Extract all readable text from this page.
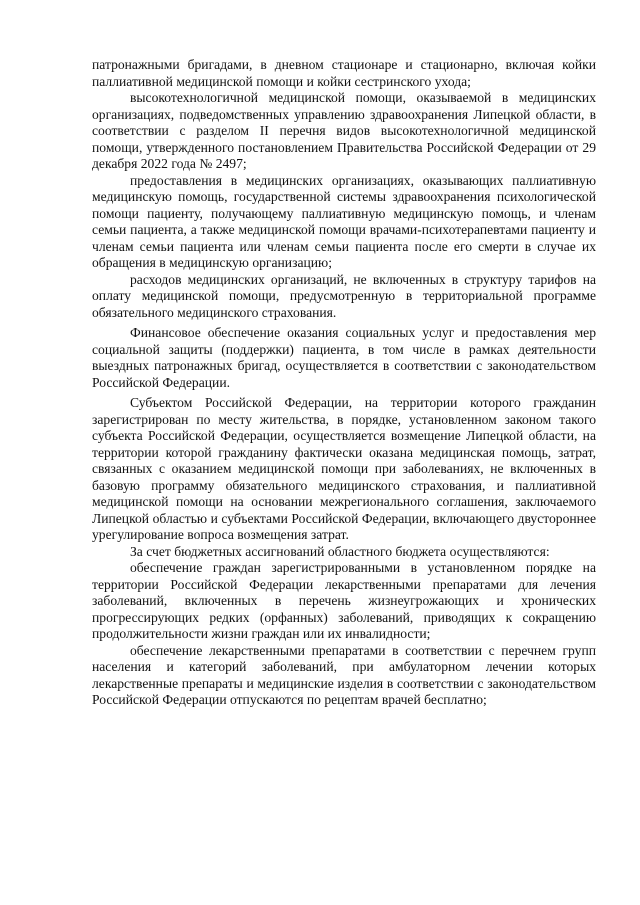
патронажными бригадами, в дневном стационаре и стационарно, включая койки паллиативной медицинской помощи и койки сестринского ухода;

высокотехнологичной медицинской помощи, оказываемой в медицинских организациях, подведомственных управлению здравоохранения Липецкой области, в соответствии с разделом II перечня видов высокотехнологичной медицинской помощи, утвержденного постановлением Правительства Российской Федерации от 29 декабря 2022 года № 2497;

предоставления в медицинских организациях, оказывающих паллиативную медицинскую помощь, государственной системы здравоохранения психологической помощи пациенту, получающему паллиативную медицинскую помощь, и членам семьи пациента, а также медицинской помощи врачами-психотерапевтами пациенту и членам семьи пациента или членам семьи пациента после его смерти в случае их обращения в медицинскую организацию;

расходов медицинских организаций, не включенных в структуру тарифов на оплату медицинской помощи, предусмотренную в территориальной программе обязательного медицинского страхования.

Финансовое обеспечение оказания социальных услуг и предоставления мер социальной защиты (поддержки) пациента, в том числе в рамках деятельности выездных патронажных бригад, осуществляется в соответствии с законодательством Российской Федерации.

Субъектом Российской Федерации, на территории которого гражданин зарегистрирован по месту жительства, в порядке, установленном законом такого субъекта Российской Федерации, осуществляется возмещение Липецкой области, на территории которой гражданину фактически оказана медицинская помощь, затрат, связанных с оказанием медицинской помощи при заболеваниях, не включенных в базовую программу обязательного медицинского страхования, и паллиативной медицинской помощи на основании межрегионального соглашения, заключаемого Липецкой областью и субъектами Российской Федерации, включающего двустороннее урегулирование вопроса возмещения затрат.

За счет бюджетных ассигнований областного бюджета осуществляются:

обеспечение граждан зарегистрированными в установленном порядке на территории Российской Федерации лекарственными препаратами для лечения заболеваний, включенных в перечень жизнеугрожающих и хронических прогрессирующих редких (орфанных) заболеваний, приводящих к сокращению продолжительности жизни граждан или их инвалидности;

обеспечение лекарственными препаратами в соответствии с перечнем групп населения и категорий заболеваний, при амбулаторном лечении которых лекарственные препараты и медицинские изделия в соответствии с законодательством Российской Федерации отпускаются по рецептам врачей бесплатно;
